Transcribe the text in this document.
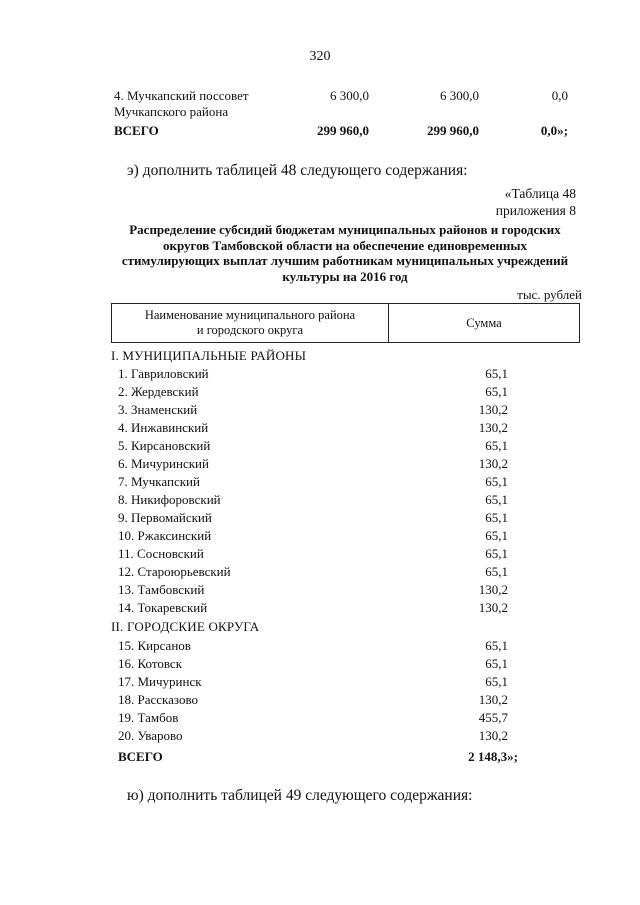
320
4. Мучкапский поссовет
Мучкапского района
6 300,0	6 300,0	0,0
ВСЕГО	299 960,0	299 960,0	0,0»;
э) дополнить таблицей 48 следующего содержания:
«Таблица 48
приложения 8
Распределение субсидий бюджетам муниципальных районов и городских
округов Тамбовской области на обеспечение единовременных
стимулирующих выплат лучшим работникам муниципальных учреждений
культуры на 2016 год
тыс. рублей
Наименование муниципального района
и городского округа
	Сумма
I. МУНИЦИПАЛЬНЫЕ РАЙОНЫ
1. Гавриловский	65,1
2. Жердевский	65,1
3. Знаменский	130,2
4. Инжавинский	130,2
5. Кирсановский	65,1
6. Мичуринский	130,2
7. Мучкапский	65,1
8. Никифоровский	65,1
9. Первомайский	65,1
10. Ржаксинский	65,1
11. Сосновский	65,1
12. Староюрьевский	65,1
13. Тамбовский	130,2
14. Токаревский	130,2
II. ГОРОДСКИЕ ОКРУГА
15. Кирсанов	65,1
16. Котовск	65,1
17. Мичуринск	65,1
18. Рассказово	130,2
19. Тамбов	455,7
20. Уварово	130,2
ВСЕГО	2 148,3»;
ю) дополнить таблицей 49 следующего содержания:
